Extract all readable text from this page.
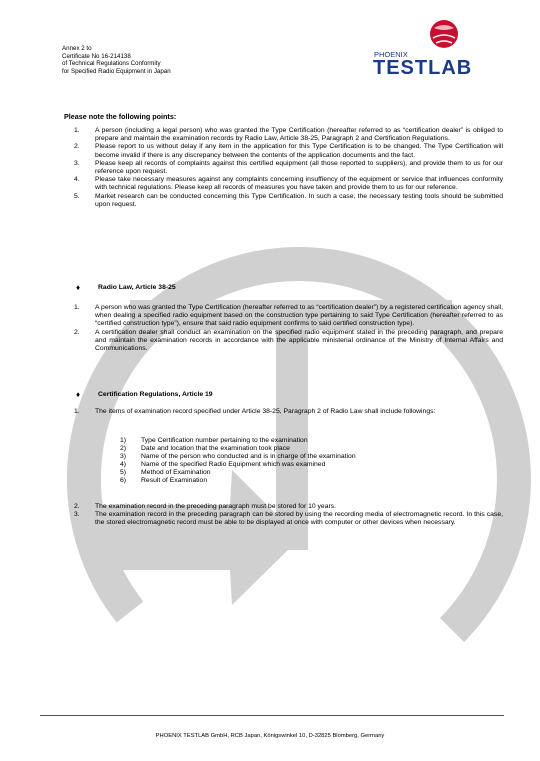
Annex 2 to
Certificate No 16-214138
of Technical Regulations Conformity
for Specified Radio Equipment in Japan
PHOENIX
TESTLAB
Please note the following points:
1.	A person (including a legal person) who was granted the Type Certification (hereafter referred to as “certification dealer” is obliged to prepare and maintain the examination records by Radio Law, Article 38-25, Paragraph 2 and Certification Regulations.
2.	Please report to us without delay if any item in the application for this Type Certification is to be changed. The Type Certification will become invalid if there is any discrepancy between the contents of the application documents and the fact.
3.	Please keep all records of complaints against this certified equipment (all those reported to suppliers), and provide them to us for our reference upon request.
4.	Please take necessary measures against any complaints concerning insuffiency of the equipment or service that influences conformity with technical regulations. Please keep all records of measures you have taken and provide them to us for our reference.
5.	Market research can be conducted concerning this Type Certification. In such a case, the necessary testing tools should be submitted upon request.
♦	Radio Law, Article 38-25
1.	A person who was granted the Type Certification (hereafter referred to as “certification dealer”) by a registered certification agency shall, when dealing a specified radio equipment based on the construction type pertaining to said Type Certification (hereafter referred to as “certified construction type”), ensure that said radio equipment confirms to said certified construction type).
2.	A certification dealer shall conduct an examination on the specified radio equipment stated in the preceding paragraph, and prepare and maintain the examination records in accordance with the applicable ministerial ordinance of the Ministry of Internal Affairs and Communications.
♦	Certification Regulations, Article 19
1.	The items of examination record specified under Article 38-25, Paragraph 2 of Radio Law shall include followings:
1)	Type Certification number pertaining to the examination
2)	Date and location that the examination took place
3)	Name of the person who conducted and is in charge of the examination
4)	Name of the specified Radio Equipment which was examined
5)	Method of Examination
6)	Result of Examination
2.	The examination record in the preceding paragraph must be stored for 10 years.
3.	The examination record in the preceding paragraph can be stored by using the recording media of electromagnetic record. In this case, the stored electromagnetic record must be able to be displayed at once with computer or other devices when necessary.
PHOENIX TESTLAB GmbH, RCB Japan, Königswinkel 10, D-32825 Blomberg, Germany
